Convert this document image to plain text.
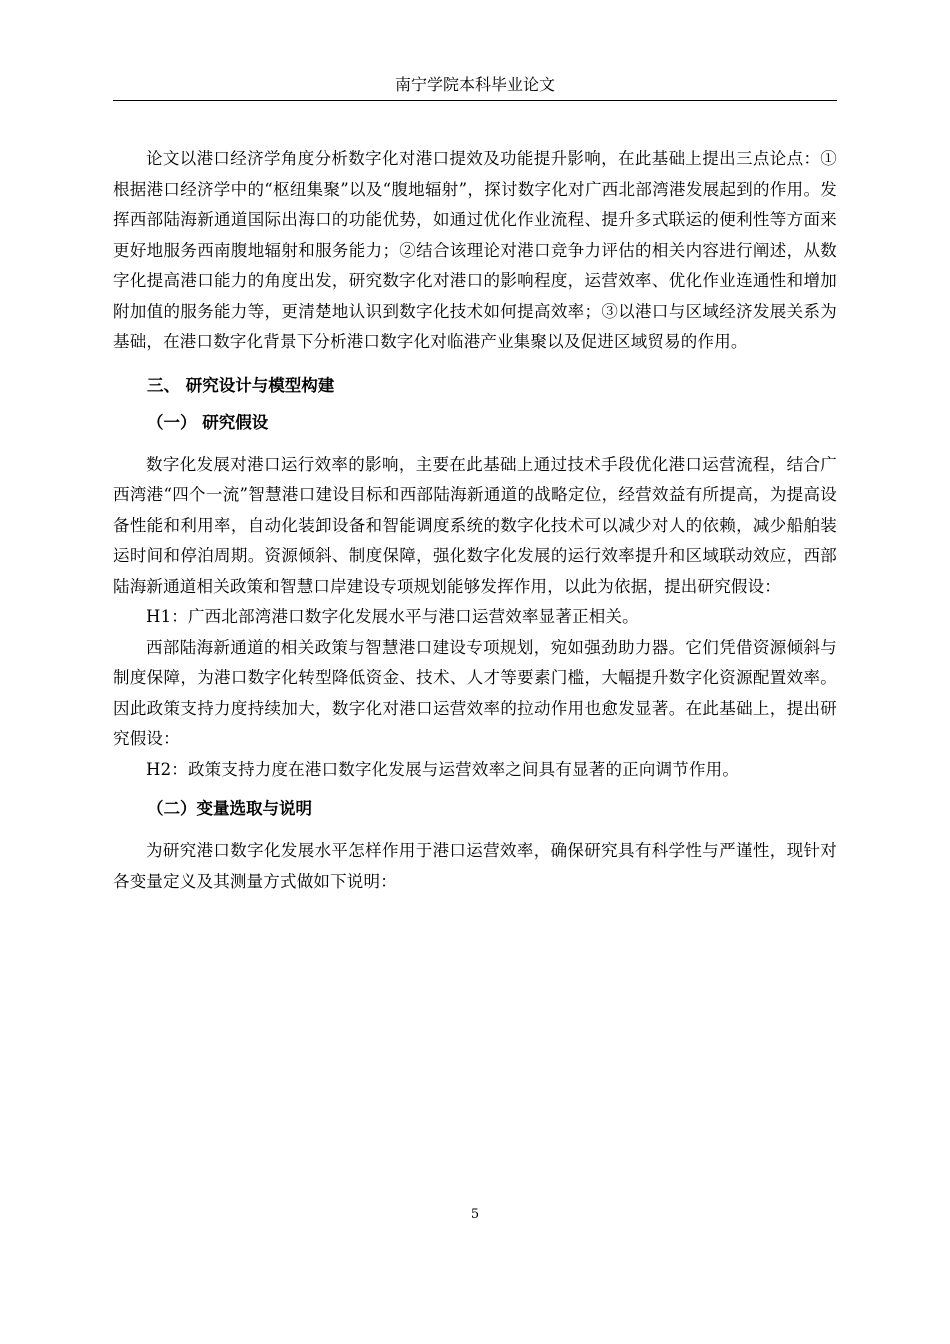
南宁学院本科毕业论文

论文以港口经济学角度分析数字化对港口提效及功能提升影响，在此基础上提出三点论点：①根据港口经济学中的“枢纽集聚”以及“腹地辐射”，探讨数字化对广西北部湾港发展起到的作用。发挥西部陆海新通道国际出海口的功能优势，如通过优化作业流程、提升多式联运的便利性等方面来更好地服务西南腹地辐射和服务能力；②结合该理论对港口竞争力评估的相关内容进行阐述，从数字化提高港口能力的角度出发，研究数字化对港口的影响程度，运营效率、优化作业连通性和增加附加值的服务能力等，更清楚地认识到数字化技术如何提高效率；③以港口与区域经济发展关系为基础，在港口数字化背景下分析港口数字化对临港产业集聚以及促进区域贸易的作用。

三、 研究设计与模型构建
（一） 研究假设

数字化发展对港口运行效率的影响，主要在此基础上通过技术手段优化港口运营流程，结合广西湾港“四个一流”智慧港口建设目标和西部陆海新通道的战略定位，经营效益有所提高，为提高设备性能和利用率，自动化装卸设备和智能调度系统的数字化技术可以减少对人的依赖，减少船舶装运时间和停泊周期。资源倾斜、制度保障，强化数字化发展的运行效率提升和区域联动效应，西部陆海新通道相关政策和智慧口岸建设专项规划能够发挥作用，以此为依据，提出研究假设：

H1：广西北部湾港口数字化发展水平与港口运营效率显著正相关。

西部陆海新通道的相关政策与智慧港口建设专项规划，宛如强劲助力器。它们凭借资源倾斜与制度保障，为港口数字化转型降低资金、技术、人才等要素门槛，大幅提升数字化资源配置效率。因此政策支持力度持续加大，数字化对港口运营效率的拉动作用也愈发显著。在此基础上，提出研究假设：

H2：政策支持力度在港口数字化发展与运营效率之间具有显著的正向调节作用。

（二）变量选取与说明

为研究港口数字化发展水平怎样作用于港口运营效率，确保研究具有科学性与严谨性，现针对各变量定义及其测量方式做如下说明：

5
